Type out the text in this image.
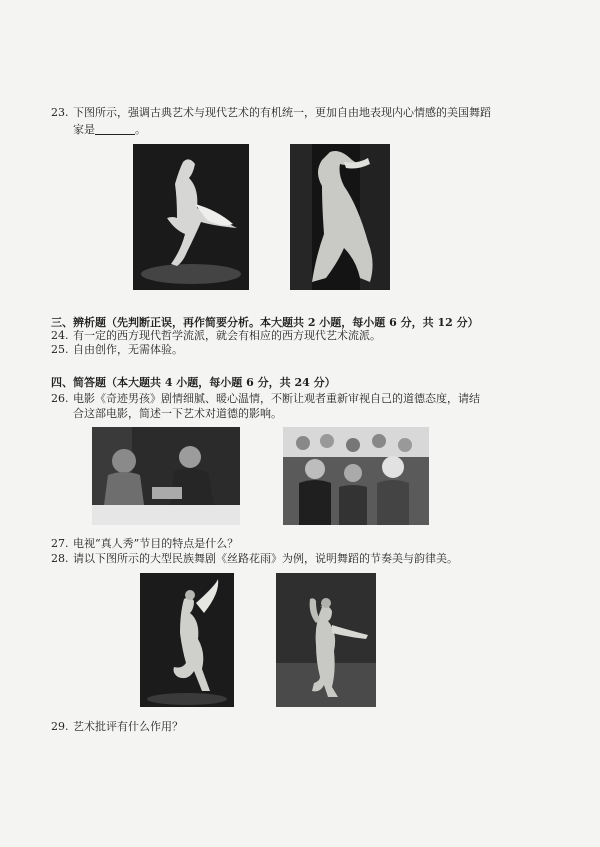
23. 下图所示，强调古典艺术与现代艺术的有机统一，更加自由地表现内心情感的美国舞蹈
家是	。
三、辨析题（先判断正误，再作简要分析。本大题共 2 小题，每小题 6 分，共 12 分）
24. 有一定的西方现代哲学流派，就会有相应的西方现代艺术流派。
25. 自由创作，无需体验。
四、简答题（本大题共 4 小题，每小题 6 分，共 24 分）
26. 电影《奇迹男孩》剧情细腻、暖心温情，不断让观者重新审视自己的道德态度，请结
合这部电影，简述一下艺术对道德的影响。
27. 电视“真人秀”节目的特点是什么？
28. 请以下图所示的大型民族舞剧《丝路花雨》为例，说明舞蹈的节奏美与韵律美。
29. 艺术批评有什么作用？
